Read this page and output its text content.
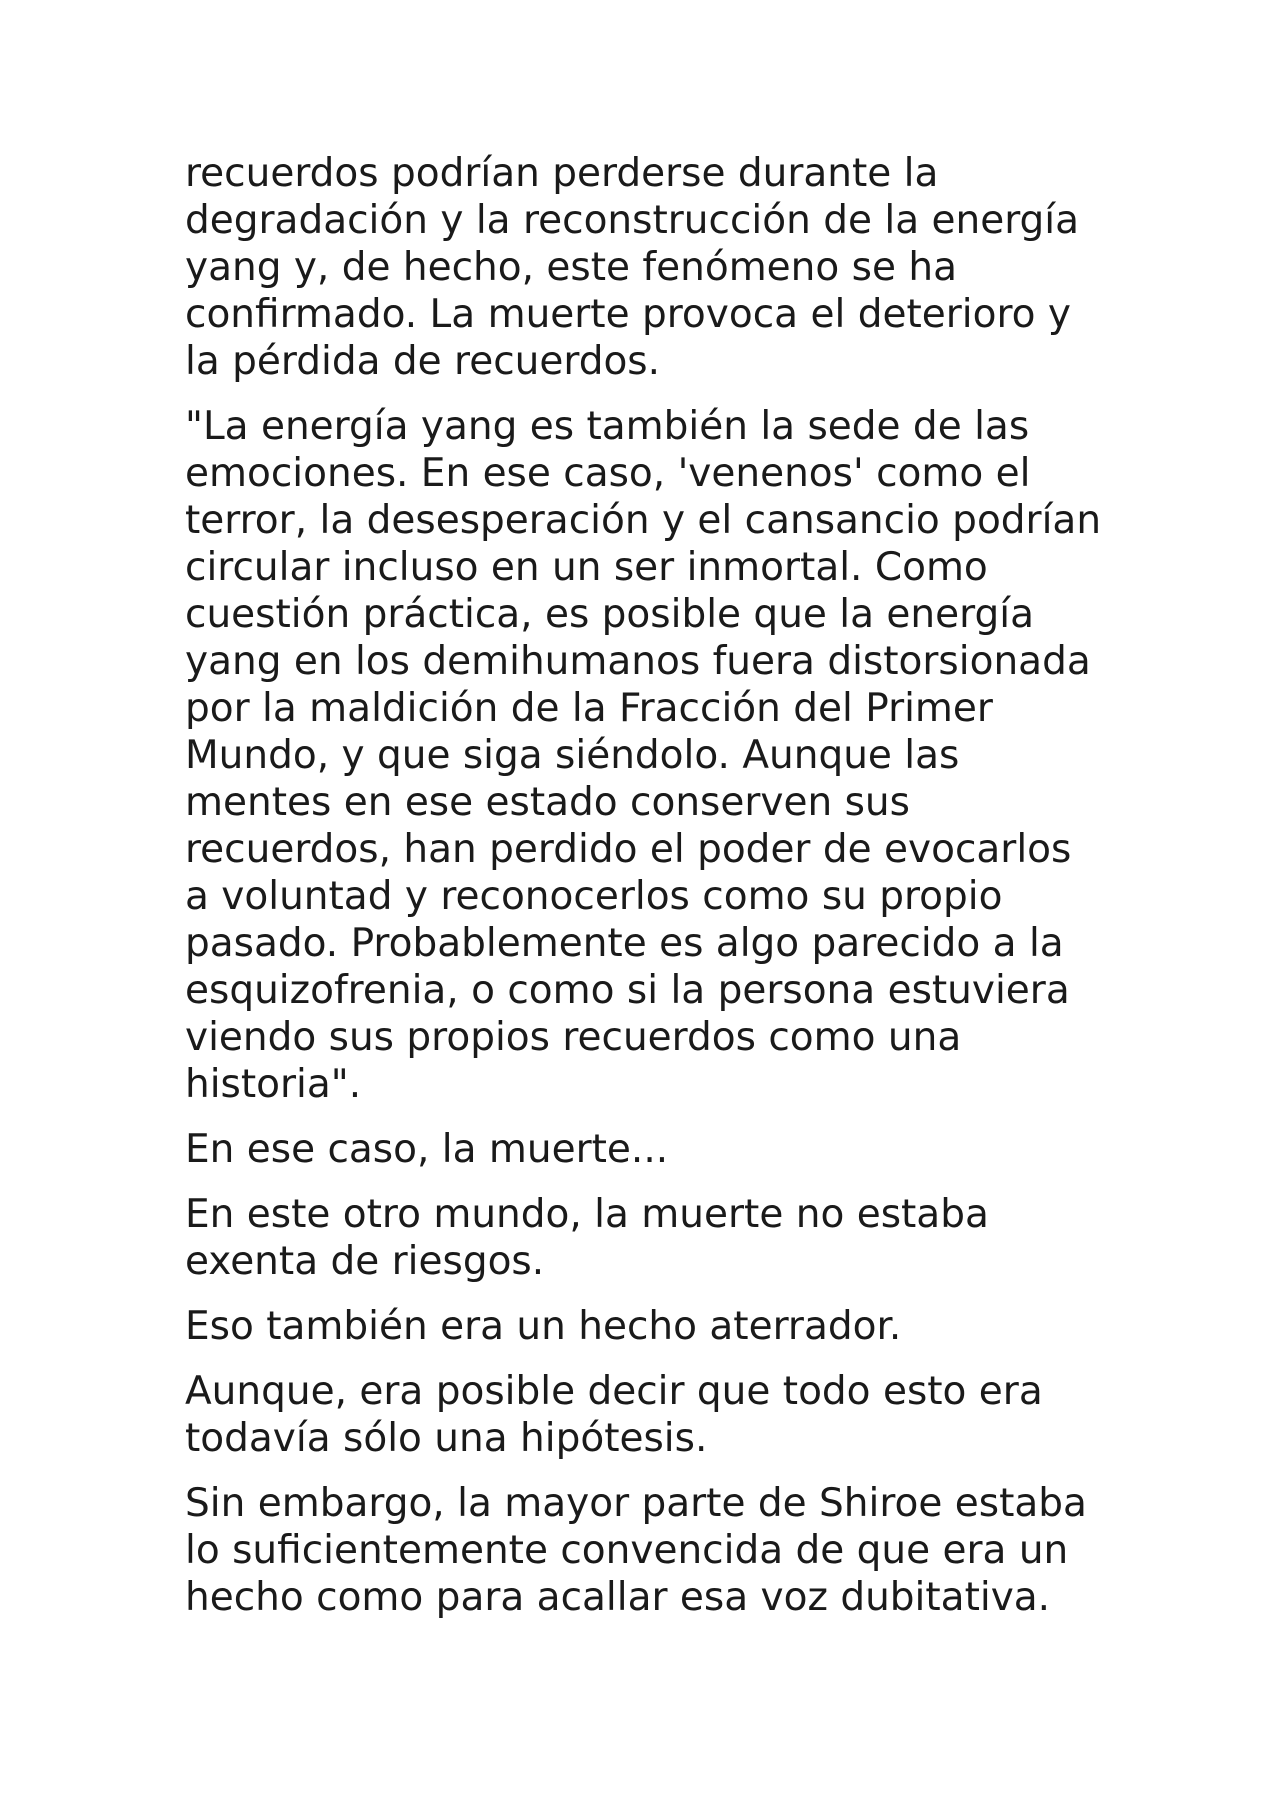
recuerdos podrían perderse durante la
degradación y la reconstrucción de la energía
yang y, de hecho, este fenómeno se ha
confirmado. La muerte provoca el deterioro y
la pérdida de recuerdos.

"La energía yang es también la sede de las
emociones. En ese caso, 'venenos' como el
terror, la desesperación y el cansancio podrían
circular incluso en un ser inmortal. Como
cuestión práctica, es posible que la energía
yang en los demihumanos fuera distorsionada
por la maldición de la Fracción del Primer
Mundo, y que siga siéndolo. Aunque las
mentes en ese estado conserven sus
recuerdos, han perdido el poder de evocarlos
a voluntad y reconocerlos como su propio
pasado. Probablemente es algo parecido a la
esquizofrenia, o como si la persona estuviera
viendo sus propios recuerdos como una
historia".

En ese caso, la muerte...

En este otro mundo, la muerte no estaba
exenta de riesgos.

Eso también era un hecho aterrador.

Aunque, era posible decir que todo esto era
todavía sólo una hipótesis.

Sin embargo, la mayor parte de Shiroe estaba
lo suficientemente convencida de que era un
hecho como para acallar esa voz dubitativa.
